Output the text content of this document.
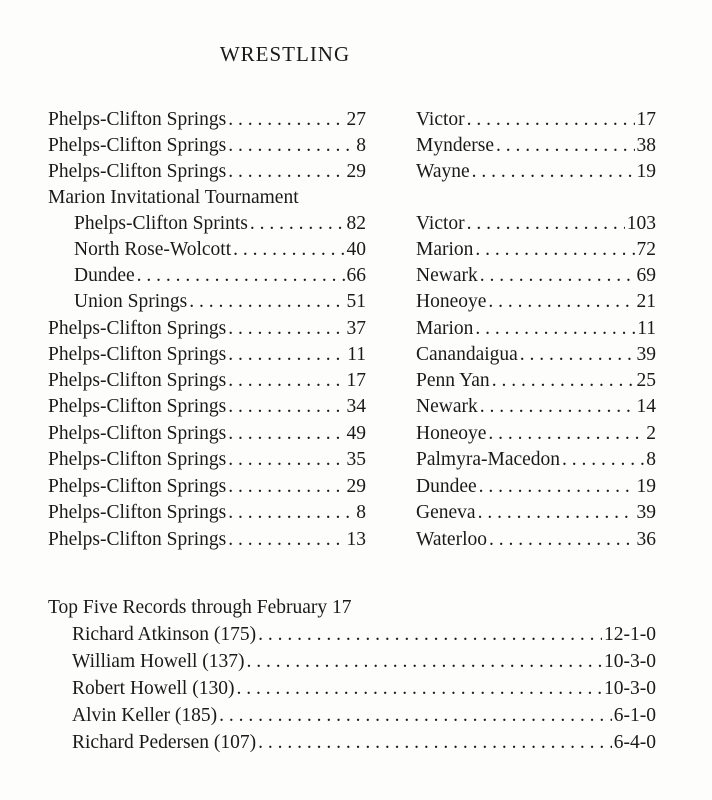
WRESTLING
Phelps-Clifton Springs . . .	27
Phelps-Clifton Springs . . .	8
Phelps-Clifton Springs . . .	29
Marion Invitational Tournament
Phelps-Clifton Sprints . . .	82
North Rose-Wolcott . . .	40
Dundee . . .	66
Union Springs . . .	51
Phelps-Clifton Springs . . .	37
Phelps-Clifton Springs . . .	11
Phelps-Clifton Springs . . .	17
Phelps-Clifton Springs . . .	34
Phelps-Clifton Springs . . .	49
Phelps-Clifton Springs . . .	35
Phelps-Clifton Springs . . .	29
Phelps-Clifton Springs . . .	8
Phelps-Clifton Springs . . .	13
Victor . . .	17
Mynderse . . .	38
Wayne . . .	19
Victor . . .	103
Marion . . .	72
Newark . . .	69
Honeoye . . .	21
Marion . . .	11
Canandaigua . . .	39
Penn Yan . . .	25
Newark . . .	14
Honeoye . . .	2
Palmyra-Macedon . . .	8
Dundee . . .	19
Geneva . . .	39
Waterloo . . .	36
Top Five Records through February 17
Richard Atkinson (175) . . .	12-1-0
William Howell (137) . . .	10-3-0
Robert Howell (130) . . .	10-3-0
Alvin Keller (185) . . .	6-1-0
Richard Pedersen (107) . . .	6-4-0
